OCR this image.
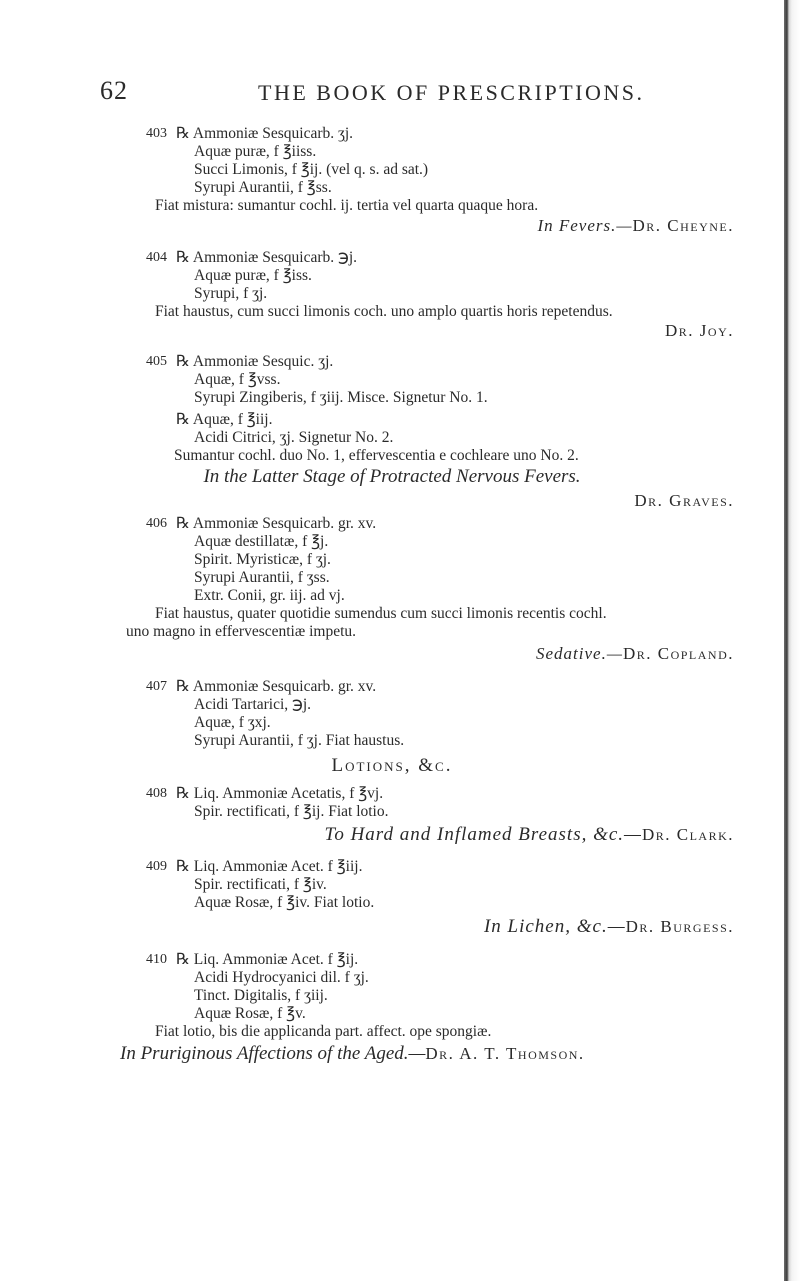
62	THE BOOK OF PRESCRIPTIONS.
403 ℞ Ammoniæ Sesquicarb. ʒj.
Aquæ puræ, f ℥iiss.
Succi Limonis, f ℥ij. (vel q. s. ad sat.)
Syrupi Aurantii, f ℥ss.
Fiat mistura: sumantur cochl. ij. tertia vel quarta quaque hora.
In Fevers.—Dr. Cheyne.
404 ℞ Ammoniæ Sesquicarb. ℈j.
Aquæ puræ, f ℥iss.
Syrupi, f ʒj.
Fiat haustus, cum succi limonis coch. uno amplo quartis horis repetendus.
Dr. Joy.
405 ℞ Ammoniæ Sesquic. ʒj.
Aquæ, f ℥vss.
Syrupi Zingiberis, f ʒiij. Misce. Signetur No. 1.
℞ Aquæ, f ℥iij.
Acidi Citrici, ʒj. Signetur No. 2.
Sumantur cochl. duo No. 1, effervescentia e cochleare uno No. 2.
In the Latter Stage of Protracted Nervous Fevers.
Dr. Graves.
406 ℞ Ammoniæ Sesquicarb. gr. xv.
Aquæ destillatæ, f ℥j.
Spirit. Myristicæ, f ʒj.
Syrupi Aurantii, f ʒss.
Extr. Conii, gr. iij. ad vj.
Fiat haustus, quater quotidie sumendus cum succi limonis recentis cochl.
uno magno in effervescentiæ impetu.
Sedative.—Dr. Copland.
407 ℞ Ammoniæ Sesquicarb. gr. xv.
Acidi Tartarici, ℈j.
Aquæ, f ʒxj.
Syrupi Aurantii, f ʒj. Fiat haustus.
Lotions, &c.
408 ℞ Liq. Ammoniæ Acetatis, f ℥vj.
Spir. rectificati, f ℥ij. Fiat lotio.
To Hard and Inflamed Breasts, &c.—Dr. Clark.
409 ℞ Liq. Ammoniæ Acet. f ℥iij.
Spir. rectificati, f ℥iv.
Aquæ Rosæ, f ℥iv. Fiat lotio.
In Lichen, &c.—Dr. Burgess.
410 ℞ Liq. Ammoniæ Acet. f ℥ij.
Acidi Hydrocyanici dil. f ʒj.
Tinct. Digitalis, f ʒiij.
Aquæ Rosæ, f ℥v.
Fiat lotio, bis die applicanda part. affect. ope spongiæ.
In Pruriginous Affections of the Aged.—Dr. A. T. Thomson.
